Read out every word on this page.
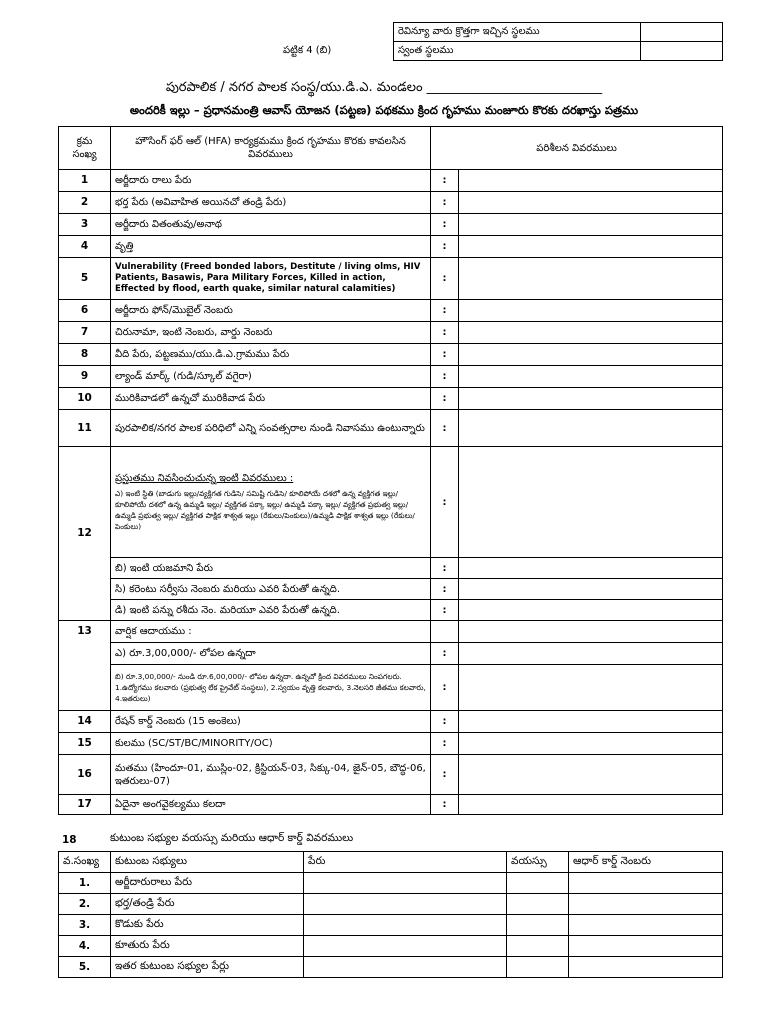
రెవిన్యూ వారు క్రొత్తగా ఇచ్చిన స్థలము	
స్వంత స్థలము	
పట్టిక 4 (బి)
పురపాలిక / నగర పాలక సంస్థ/యు.డి.ఎ. మండలం ___________________________
అందరికీ ఇల్లు – ప్రధానమంత్రి ఆవాస్ యోజన (పట్టణ) పథకము క్రింద గృహము మంజూరు కొరకు దరఖాస్తు పత్రము
క్రమ సంఖ్య	హౌసింగ్ ఫర్ ఆల్ (HFA) కార్యక్రమము క్రింద గృహము కొరకు కావలసిన వివరములు	పరిశీలన వివరములు	
1	అర్జీదారు రాలు పేరు	:	
2	భర్త పేరు (అవివాహిత అయినచో తండ్రి పేరు)	:	
3	అర్జీదారు వితంతువు/అనాథ	:	
4	వృత్తి	:	
5	Vulnerability (Freed bonded labors, Destitute / living olms, HIV Patients, Basawis, Para Military Forces, Killed in action, Effected by flood, earth quake, similar natural calamities)	:	
6	అర్జీదారు ఫోన్/మొబైల్ నెంబరు	:	
7	చిరునామా, ఇంటి నెంబరు, వార్డు నెంబరు	:	
8	వీది పేరు, పట్టణము/యు.డి.ఎ.గ్రామము పేరు	:	
9	ల్యాండ్ మార్క్ (గుడి/స్కూల్ వగైరా)	:	
10	మురికివాడలో ఉన్నచో మురికివాడ పేరు	:	
11	పురపాలిక/నగర పాలక పరిధిలో ఎన్ని సంవత్సరాల నుండి నివాసము ఉంటున్నారు	:	
12	ప్రస్తుతము నివసించుచున్న ఇంటి వివరములు :
ఎ) ఇంటి స్థితి (బాడుగు ఇల్లు/వ్యక్తిగత గుడిసె/ సమిష్టి గుడిసె/ కూలిపోయే దశలో ఉన్న వ్యక్తిగత ఇల్లు/ కూలిపోయే దశలో ఉన్న ఉమ్మడి ఇల్లు/ వ్యక్తిగత పక్కా ఇల్లు/ ఉమ్మడి పక్కా ఇల్లు/ వ్యక్తిగత ప్రభుత్వ ఇల్లు/ ఉమ్మడి ప్రభుత్వ ఇల్లు/ వ్యక్తిగత పాక్షిక శాశ్వత ఇల్లు (రేకులు/పెంకులు)/ఉమ్మడి పాక్షిక శాశ్వత ఇల్లు (రేకులు/పెంకులు)	:	
	బి) ఇంటి యజమాని పేరు	:	
	సి) కరెంటు సర్వీసు నెంబరు మరియు ఎవరి పేరుతో ఉన్నది.	:	
	డి) ఇంటి పన్ను రశీదు నెం. మరియూ ఎవరి పేరుతో ఉన్నది.	:	
13	వార్షిక ఆదాయము :		
	ఎ) రూ.3,00,000/- లోపల ఉన్నదా	:	
	బి) రూ.3,00,000/- నుండి రూ.6,00,000/- లోపల ఉన్నదా. ఉన్నచో క్రింద వివరములు నింపగలరు. 1.ఉద్యోగము కలవారు (ప్రభుత్వ లేక ప్రైవేట్ సంస్థలు), 2.స్వయం వృత్తి కలవారు, 3.నెలసరి జీతము కలవారు, 4.ఇతరులు)	:	
14	రేషన్ కార్డ్ నెంబరు (15 అంకెలు)	:	
15	కులము (SC/ST/BC/MINORITY/OC)	:	
16	మతము (హిందూ-01, ముస్లిం-02, క్రిస్టియన్-03, సిక్కు-04, జైన్-05, బౌద్ధ-06, ఇతరులు-07)	:	
17	ఏదైనా అంగవైకల్యము కలదా	:	
18	కుటుంబ సభ్యుల వయస్సు మరియు ఆధార్ కార్డ్ వివరములు
వ.సంఖ్య	కుటుంబ సభ్యులు	పేరు	వయస్సు	ఆధార్ కార్డ్ నెంబరు
1.	అర్జీదారురాలు పేరు			
2.	భర్త/తండ్రి పేరు			
3.	కొడుకు పేరు			
4.	కూతురు పేరు			
5.	ఇతర కుటుంబ సభ్యుల పేర్లు			
